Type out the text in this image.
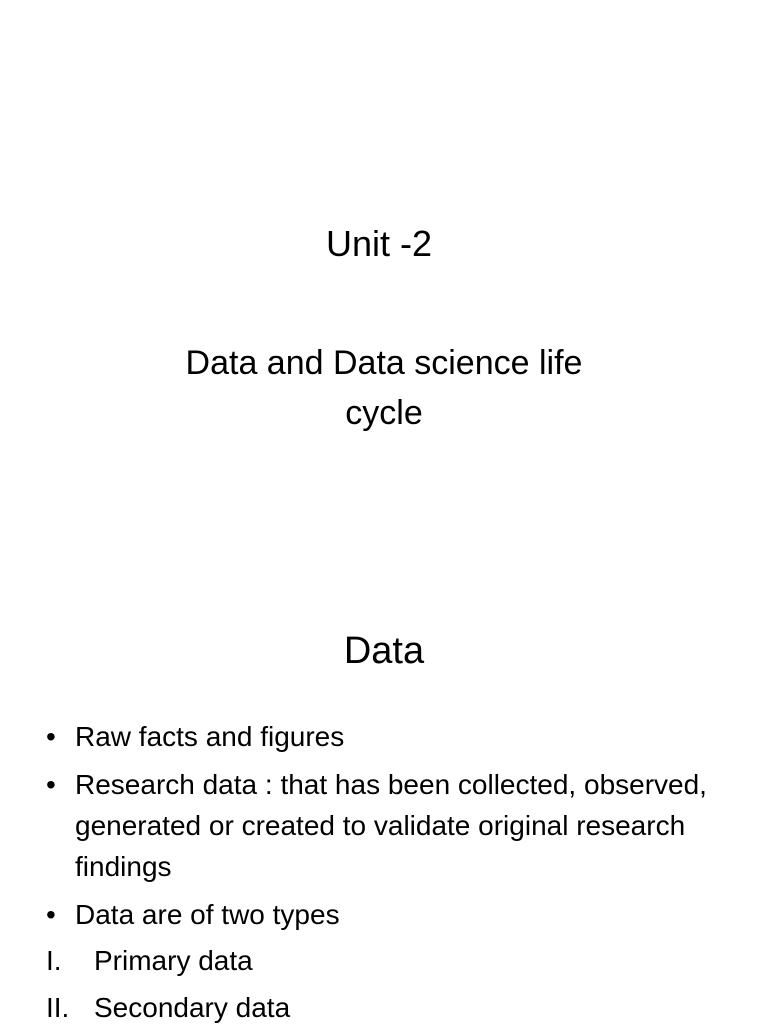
Unit -2
Data and Data science life cycle
Data
• Raw facts and figures
• Research data : that has been collected, observed, generated or created to validate original research findings
• Data are of two types
I. Primary data
II. Secondary data
